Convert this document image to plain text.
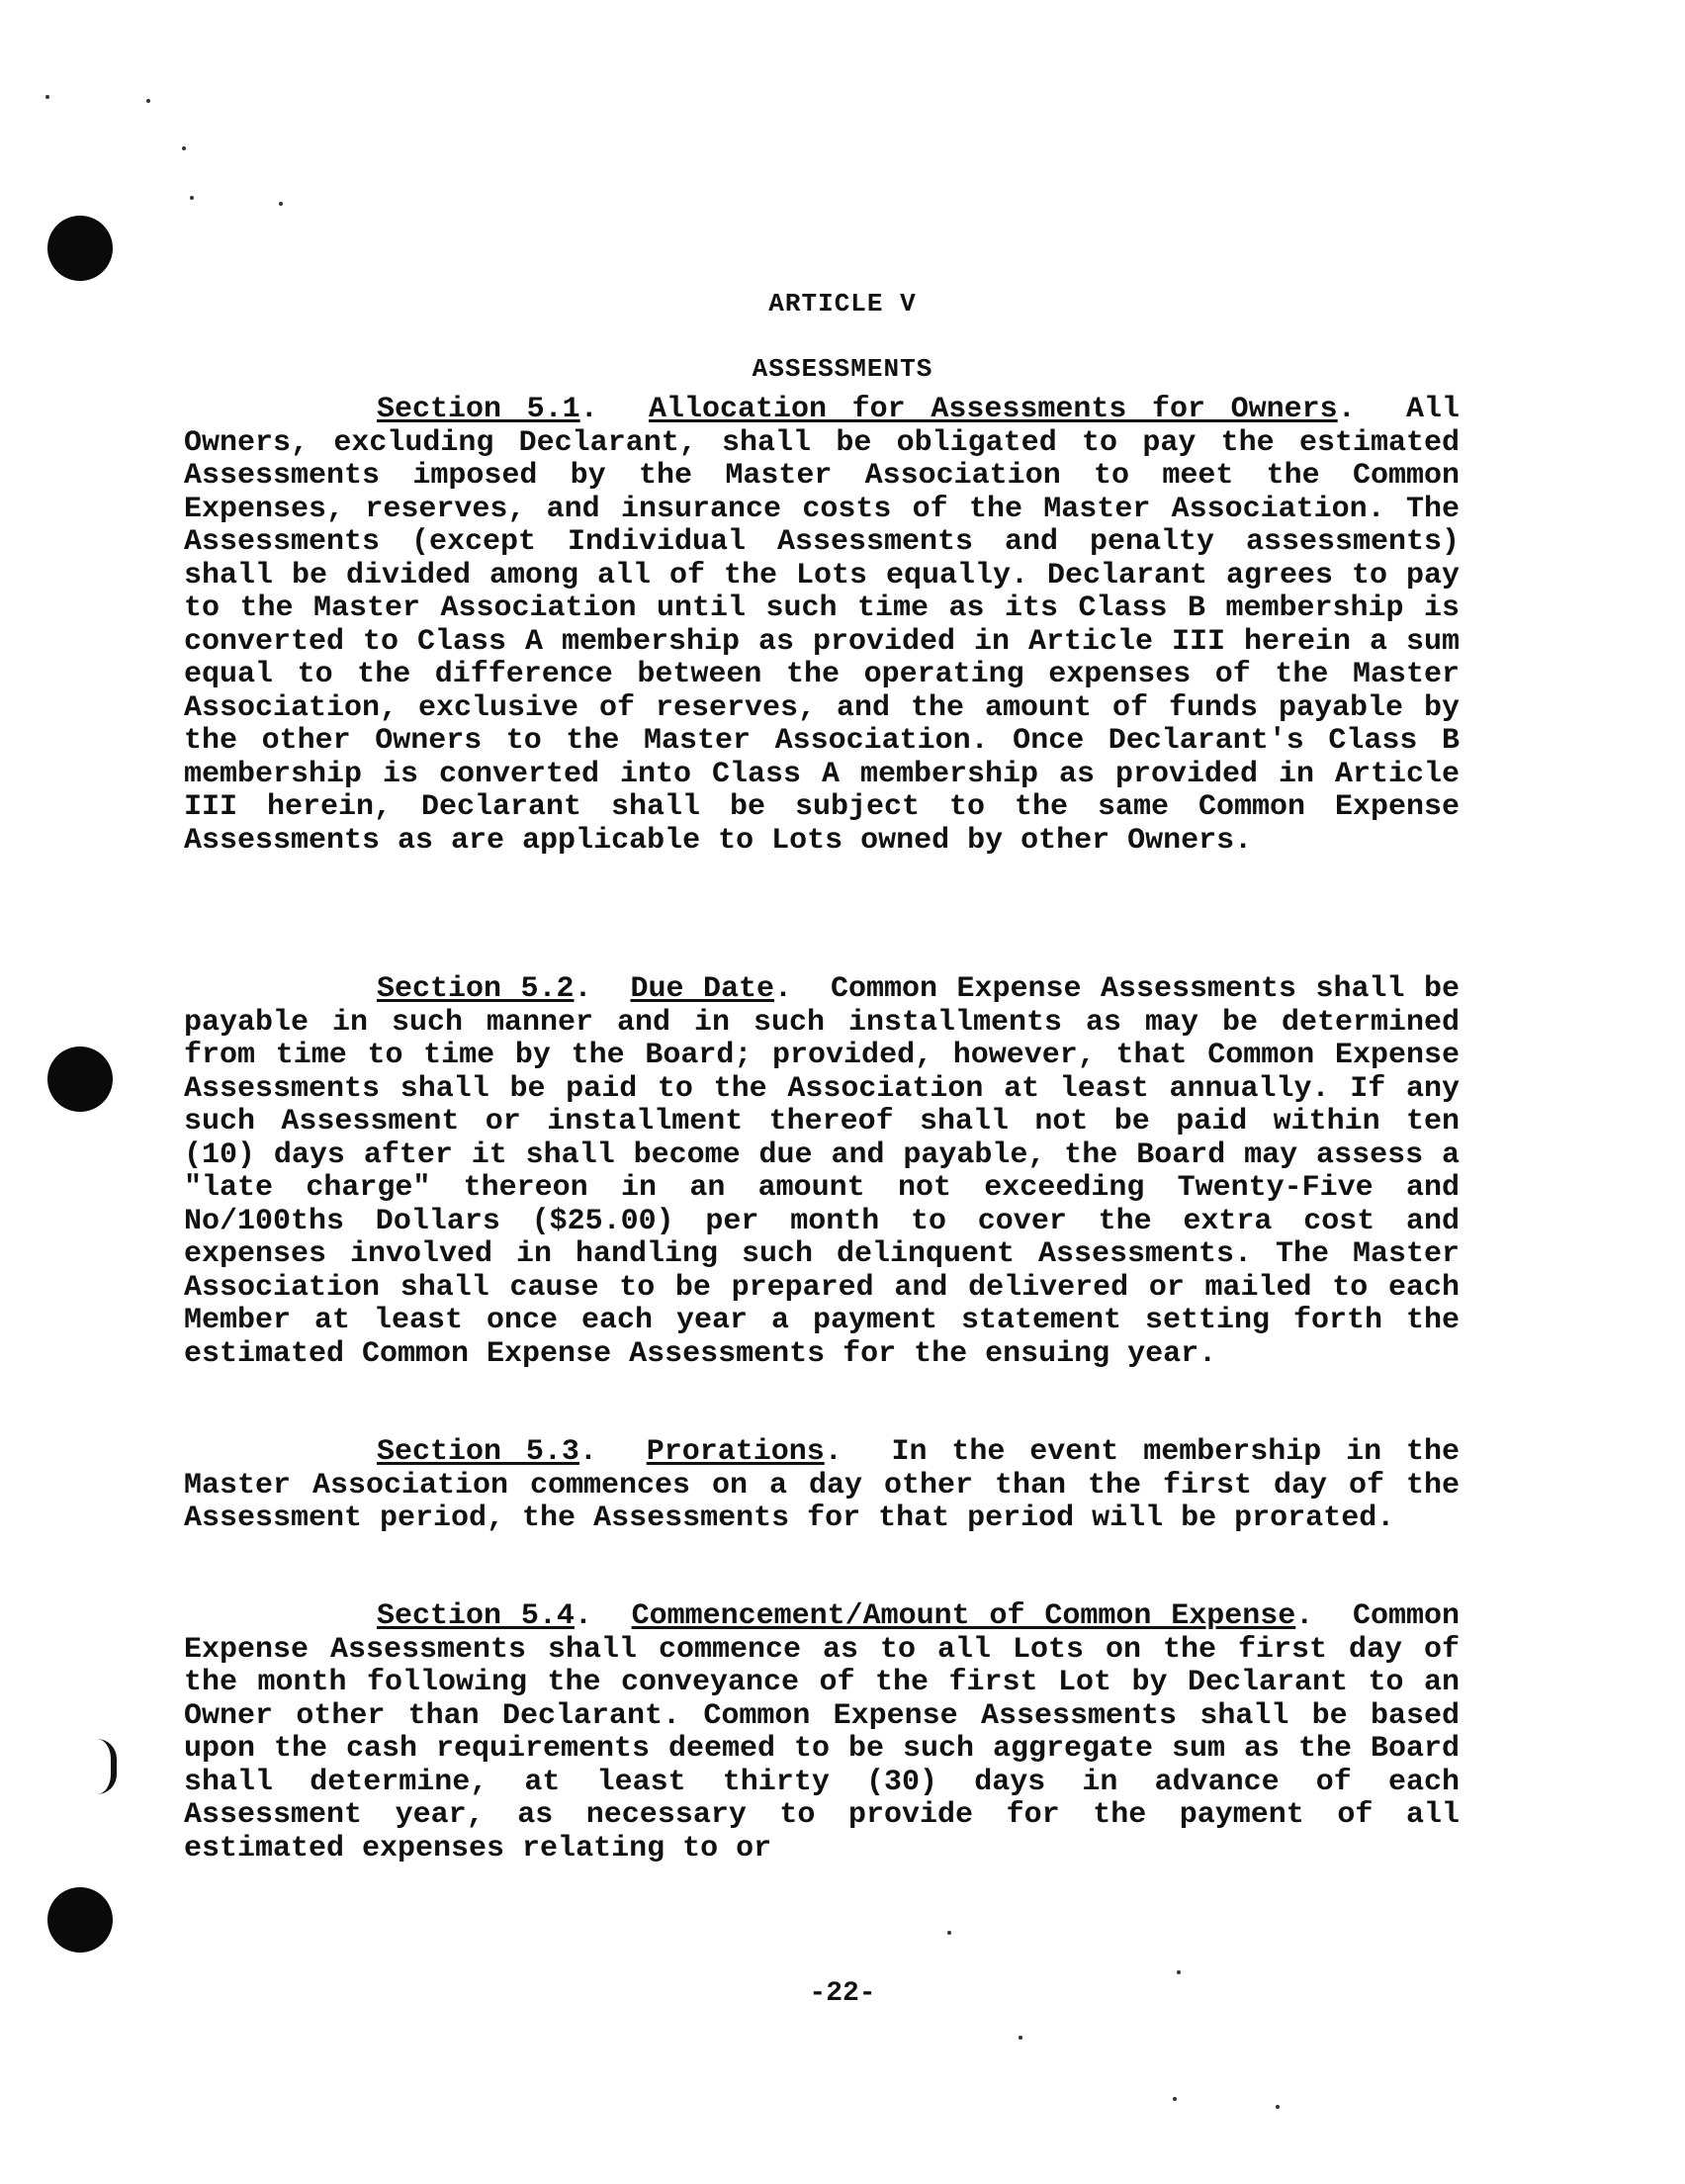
ARTICLE V
ASSESSMENTS

Section 5.1.  Allocation for Assessments for Owners.  All Owners, excluding Declarant, shall be obligated to pay the estimated Assessments imposed by the Master Association to meet the Common Expenses, reserves, and insurance costs of the Master Association. The Assessments (except Individual Assessments and penalty assessments) shall be divided among all of the Lots equally. Declarant agrees to pay to the Master Association until such time as its Class B membership is converted to Class A membership as provided in Article III herein a sum equal to the difference between the operating expenses of the Master Association, exclusive of reserves, and the amount of funds payable by the other Owners to the Master Association. Once Declarant's Class B membership is converted into Class A membership as provided in Article III herein, Declarant shall be subject to the same Common Expense Assessments as are applicable to Lots owned by other Owners.

Section 5.2.  Due Date.  Common Expense Assessments shall be payable in such manner and in such installments as may be determined from time to time by the Board; provided, however, that Common Expense Assessments shall be paid to the Association at least annually. If any such Assessment or installment thereof shall not be paid within ten (10) days after it shall become due and payable, the Board may assess a "late charge" thereon in an amount not exceeding Twenty-Five and No/100ths Dollars ($25.00) per month to cover the extra cost and expenses involved in handling such delinquent Assessments. The Master Association shall cause to be prepared and delivered or mailed to each Member at least once each year a payment statement setting forth the estimated Common Expense Assessments for the ensuing year.

Section 5.3.  Prorations.  In the event membership in the Master Association commences on a day other than the first day of the Assessment period, the Assessments for that period will be prorated.

Section 5.4.  Commencement/Amount of Common Expense.  Common Expense Assessments shall commence as to all Lots on the first day of the month following the conveyance of the first Lot by Declarant to an Owner other than Declarant. Common Expense Assessments shall be based upon the cash requirements deemed to be such aggregate sum as the Board shall determine, at least thirty (30) days in advance of each Assessment year, as necessary to provide for the payment of all estimated expenses relating to or

-22-
